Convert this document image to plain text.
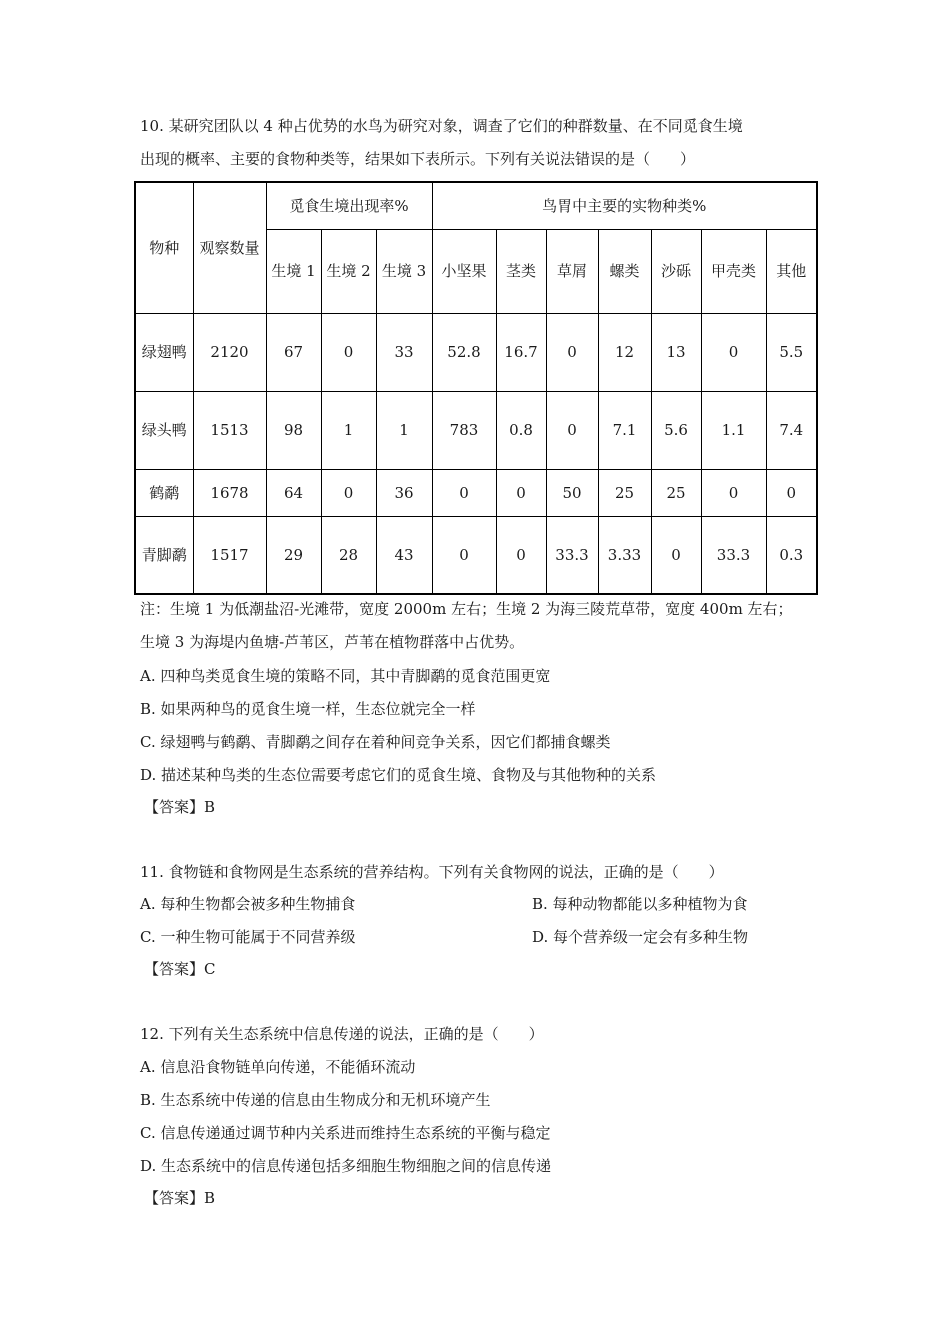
10. 某研究团队以 4 种占优势的水鸟为研究对象，调查了它们的种群数量、在不同觅食生境
出现的概率、主要的食物种类等，结果如下表所示。下列有关说法错误的是（　　）
物种	观察数量	觅食生境出现率%			鸟胃中主要的实物种类%						
		生境 1	生境 2	生境 3	小坚果	茎类	草屑	螺类	沙砾	甲壳类	其他
绿翅鸭	2120	67	0	33	52.8	16.7	0	12	13	0	5.5
绿头鸭	1513	98	1	1	783	0.8	0	7.1	5.6	1.1	7.4
鹤鹬	1678	64	0	36	0	0	50	25	25	0	0
青脚鹬	1517	29	28	43	0	0	33.3	3.33	0	33.3	0.3
注：生境 1 为低潮盐沼-光滩带，宽度 2000m 左右；生境 2 为海三陵荒草带，宽度 400m 左右；
生境 3 为海堤内鱼塘-芦苇区，芦苇在植物群落中占优势。
A. 四种鸟类觅食生境的策略不同，其中青脚鹬的觅食范围更宽
B. 如果两种鸟的觅食生境一样，生态位就完全一样
C. 绿翅鸭与鹤鹬、青脚鹬之间存在着种间竞争关系，因它们都捕食螺类
D. 描述某种鸟类的生态位需要考虑它们的觅食生境、食物及与其他物种的关系
【答案】B
11. 食物链和食物网是生态系统的营养结构。下列有关食物网的说法，正确的是（　　）
A. 每种生物都会被多种生物捕食	B. 每种动物都能以多种植物为食
C. 一种生物可能属于不同营养级	D. 每个营养级一定会有多种生物
【答案】C
12. 下列有关生态系统中信息传递的说法，正确的是（　　）
A. 信息沿食物链单向传递，不能循环流动
B. 生态系统中传递的信息由生物成分和无机环境产生
C. 信息传递通过调节种内关系进而维持生态系统的平衡与稳定
D. 生态系统中的信息传递包括多细胞生物细胞之间的信息传递
【答案】B
